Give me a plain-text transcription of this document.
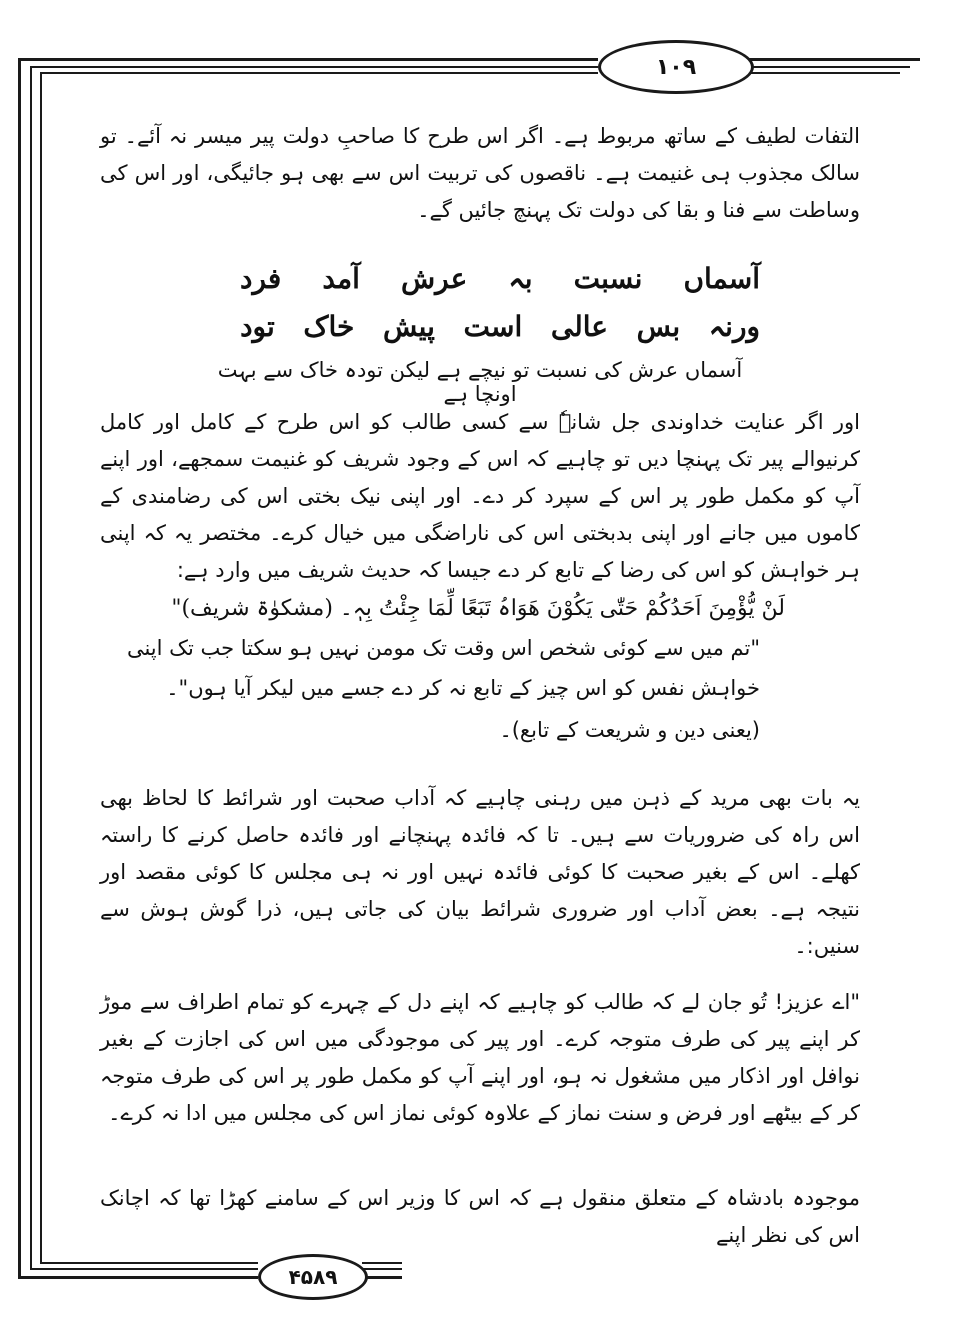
۱۰۹
۴۵۸۹
التفات لطیف کے ساتھ مربوط ہے۔ اگر اس طرح کا صاحبِ دولت پیر میسر نہ آئے۔ تو سالک مجذوب ہی غنیمت ہے۔ ناقصوں کی تربیت اس سے بھی ہو جائیگی، اور اس کی وساطت سے فنا و بقا کی دولت تک پہنچ جائیں گے۔
آسماں
نسبت
بہ
عرش
آمد
فرد
ورنہ
بس
عالی
است
پیش
خاک
تود
آسماں عرش کی نسبت تو نیچے ہے لیکن تودہ خاک سے بہت اونچا ہے
اور اگر عنایت خداوندی جل شانہٗ سے کسی طالب کو اس طرح کے کامل اور کامل کرنیوالے پیر تک پہنچا دیں تو چاہیے کہ اس کے وجود شریف کو غنیمت سمجھے، اور اپنے آپ کو مکمل طور پر اس کے سپرد کر دے۔ اور اپنی نیک بختی اس کی رضامندی کے کاموں میں جانے اور اپنی بدبختی اس کی ناراضگی میں خیال کرے۔ مختصر یہ کہ اپنی ہر خواہش کو اس کی رضا کے تابع کر دے جیسا کہ حدیث شریف میں وارد ہے:
لَنْ یُّؤْمِنَ اَحَدُکُمْ حَتّٰی یَکُوْنَ ھَوَاہُ تَبَعًا لِّمَا جِئْتُ بِہٖ۔ (مشکوٰۃ شریف)"
"تم میں سے کوئی شخص اس وقت تک مومن نہیں ہو سکتا جب تک اپنی
خواہش نفس کو اس چیز کے تابع نہ کر دے جسے میں لیکر آیا ہوں"۔
(یعنی دین و شریعت کے تابع)۔
یہ بات بھی مرید کے ذہن میں رہنی چاہیے کہ آداب صحبت اور شرائط کا لحاظ بھی اس راہ کی ضروریات سے ہیں۔ تا کہ فائدہ پہنچانے اور فائدہ حاصل کرنے کا راستہ کھلے۔ اس کے بغیر صحبت کا کوئی فائدہ نہیں اور نہ ہی مجلس کا کوئی مقصد اور نتیجہ ہے۔ بعض آداب اور ضروری شرائط بیان کی جاتی ہیں، ذرا گوش ہوش سے سنیں:۔
"اے عزیز! تُو جان لے کہ طالب کو چاہیے کہ اپنے دل کے چہرے کو تمام اطراف سے موڑ کر اپنے پیر کی طرف متوجہ کرے۔ اور پیر کی موجودگی میں اس کی اجازت کے بغیر نوافل اور اذکار میں مشغول نہ ہو، اور اپنے آپ کو مکمل طور پر اس کی طرف متوجہ کر کے بیٹھے اور فرض و سنت نماز کے علاوہ کوئی نماز اس کی مجلس میں ادا نہ کرے۔
موجودہ بادشاہ کے متعلق منقول ہے کہ اس کا وزیر اس کے سامنے کھڑا تھا کہ اچانک اس کی نظر اپنے
